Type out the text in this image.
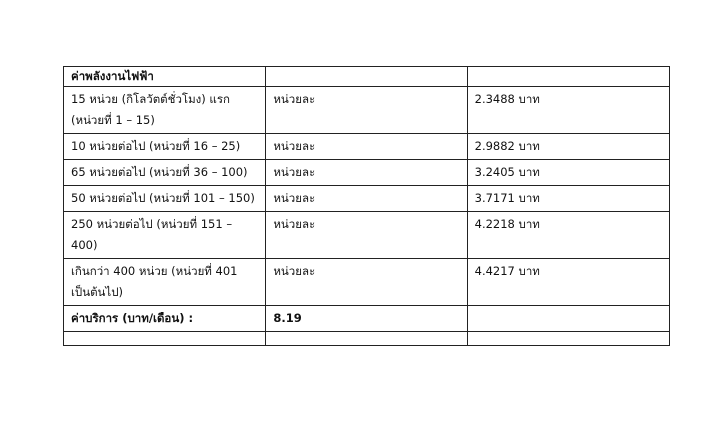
ค่าพลังงานไฟฟ้า		
15 หน่วย (กิโลวัตต์ชั่วโมง) แรก (หน่วยที่ 1 – 15)	หน่วยละ	2.3488 บาท
10 หน่วยต่อไป (หน่วยที่ 16 – 25)	หน่วยละ	2.9882 บาท
65 หน่วยต่อไป (หน่วยที่ 36 – 100)	หน่วยละ	3.2405 บาท
50 หน่วยต่อไป (หน่วยที่ 101 – 150)	หน่วยละ	3.7171 บาท
250 หน่วยต่อไป (หน่วยที่ 151 – 400)	หน่วยละ	4.2218 บาท
เกินกว่า 400 หน่วย (หน่วยที่ 401 เป็นต้นไป)	หน่วยละ	4.4217 บาท
ค่าบริการ (บาท/เดือน) :	8.19	
